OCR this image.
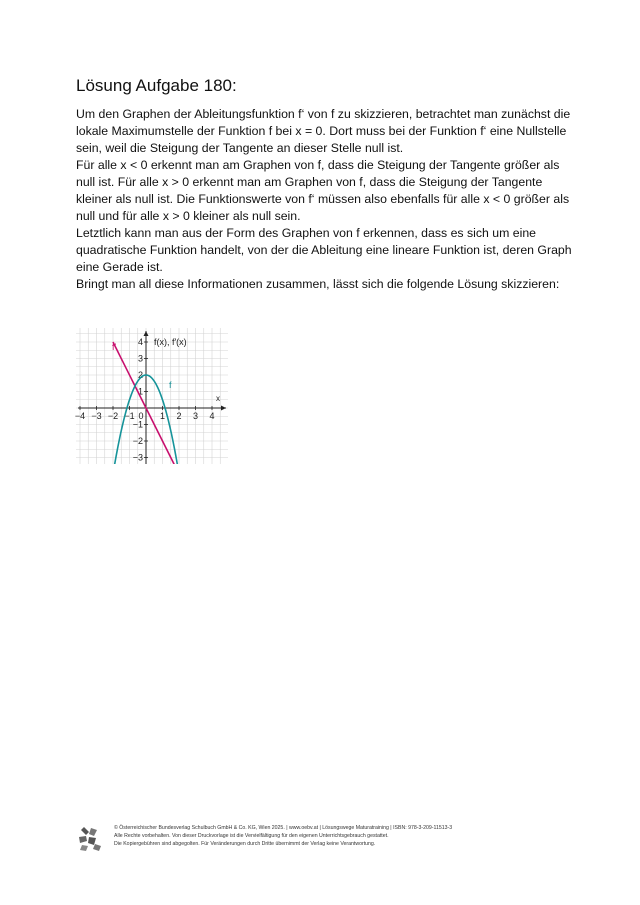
Lösung Aufgabe 180:

Um den Graphen der Ableitungsfunktion f‘ von f zu skizzieren, betrachtet man zunächst die lokale Maximumstelle der Funktion f bei x = 0. Dort muss bei der Funktion f‘ eine Nullstelle sein, weil die Steigung der Tangente an dieser Stelle null ist.

Für alle x < 0 erkennt man am Graphen von f, dass die Steigung der Tangente größer als null ist. Für alle x > 0 erkennt man am Graphen von f, dass die Steigung der Tangente kleiner als null ist. Die Funktionswerte von f‘ müssen also ebenfalls für alle x < 0 größer als null und für alle x > 0 kleiner als null sein.

Letztlich kann man aus der Form des Graphen von f erkennen, dass es sich um eine quadratische Funktion handelt, von der die Ableitung eine lineare Funktion ist, deren Graph eine Gerade ist.

Bringt man all diese Informationen zusammen, lässt sich die folgende Lösung skizzieren:

−4 −3 −2 −1 0 1 2 3 4
−3
−2
−1
1
2
3
4 f(x), f′(x)
x
f′
f
© Österreichischer Bundesverlag Schulbuch GmbH & Co. KG, Wien 2025. | www.oebv.at | Lösungswege Maturatraining | ISBN: 978-3-209-11513-3
Alle Rechte vorbehalten. Von dieser Druckvorlage ist die Vervielfältigung für den eigenen Unterrichtsgebrauch gestattet.
Die Kopiergebühren sind abgegolten. Für Veränderungen durch Dritte übernimmt der Verlag keine Verantwortung.
